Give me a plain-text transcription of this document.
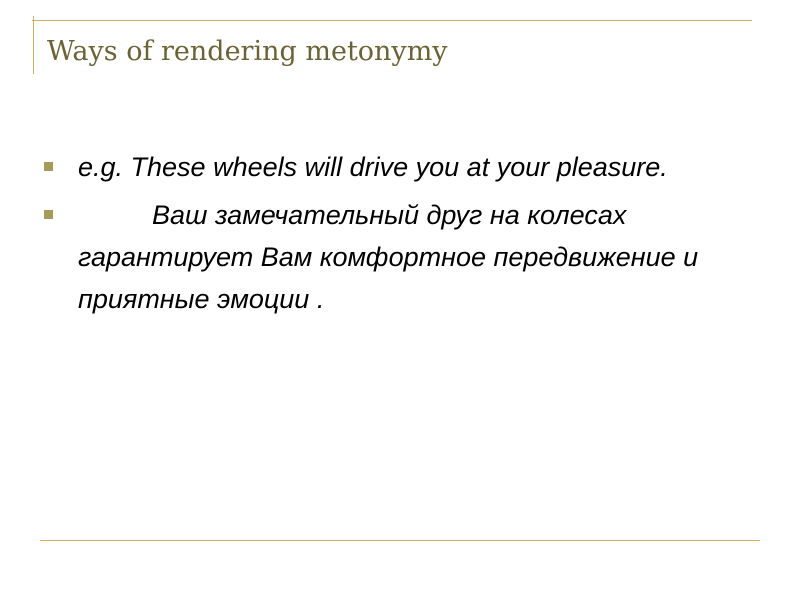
Ways of rendering metonymy
e.g. These wheels will drive you at your pleasure.
Ваш замечательный друг на колесах гарантирует Вам комфортное передвижение и приятные эмоции .
